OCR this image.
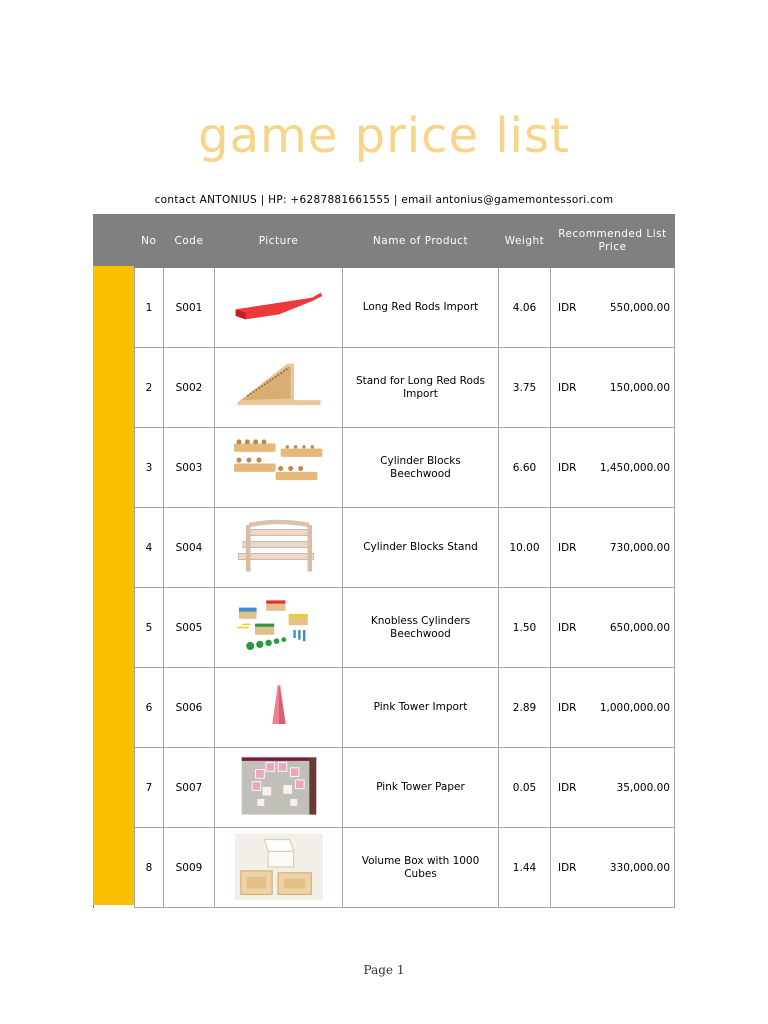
game price list
contact ANTONIUS | HP: +6287881661555 | email antonius@gamemontessori.com
	No	Code	Picture	Name of Product	Weight	Recommended List Price	
	1	S001		Long Red Rods Import	4.06	IDR	550,000.00
	2	S002		Stand for Long Red Rods Import	3.75	IDR	150,000.00
	3	S003		Cylinder Blocks Beechwood	6.60	IDR	1,450,000.00
	4	S004		Cylinder Blocks Stand	10.00	IDR	730,000.00
	5	S005		Knobless Cylinders Beechwood	1.50	IDR	650,000.00
	6	S006		Pink Tower Import	2.89	IDR	1,000,000.00
	7	S007		Pink Tower Paper	0.05	IDR	35,000.00
	8	S009		Volume Box with 1000 Cubes	1.44	IDR	330,000.00
Page 1
